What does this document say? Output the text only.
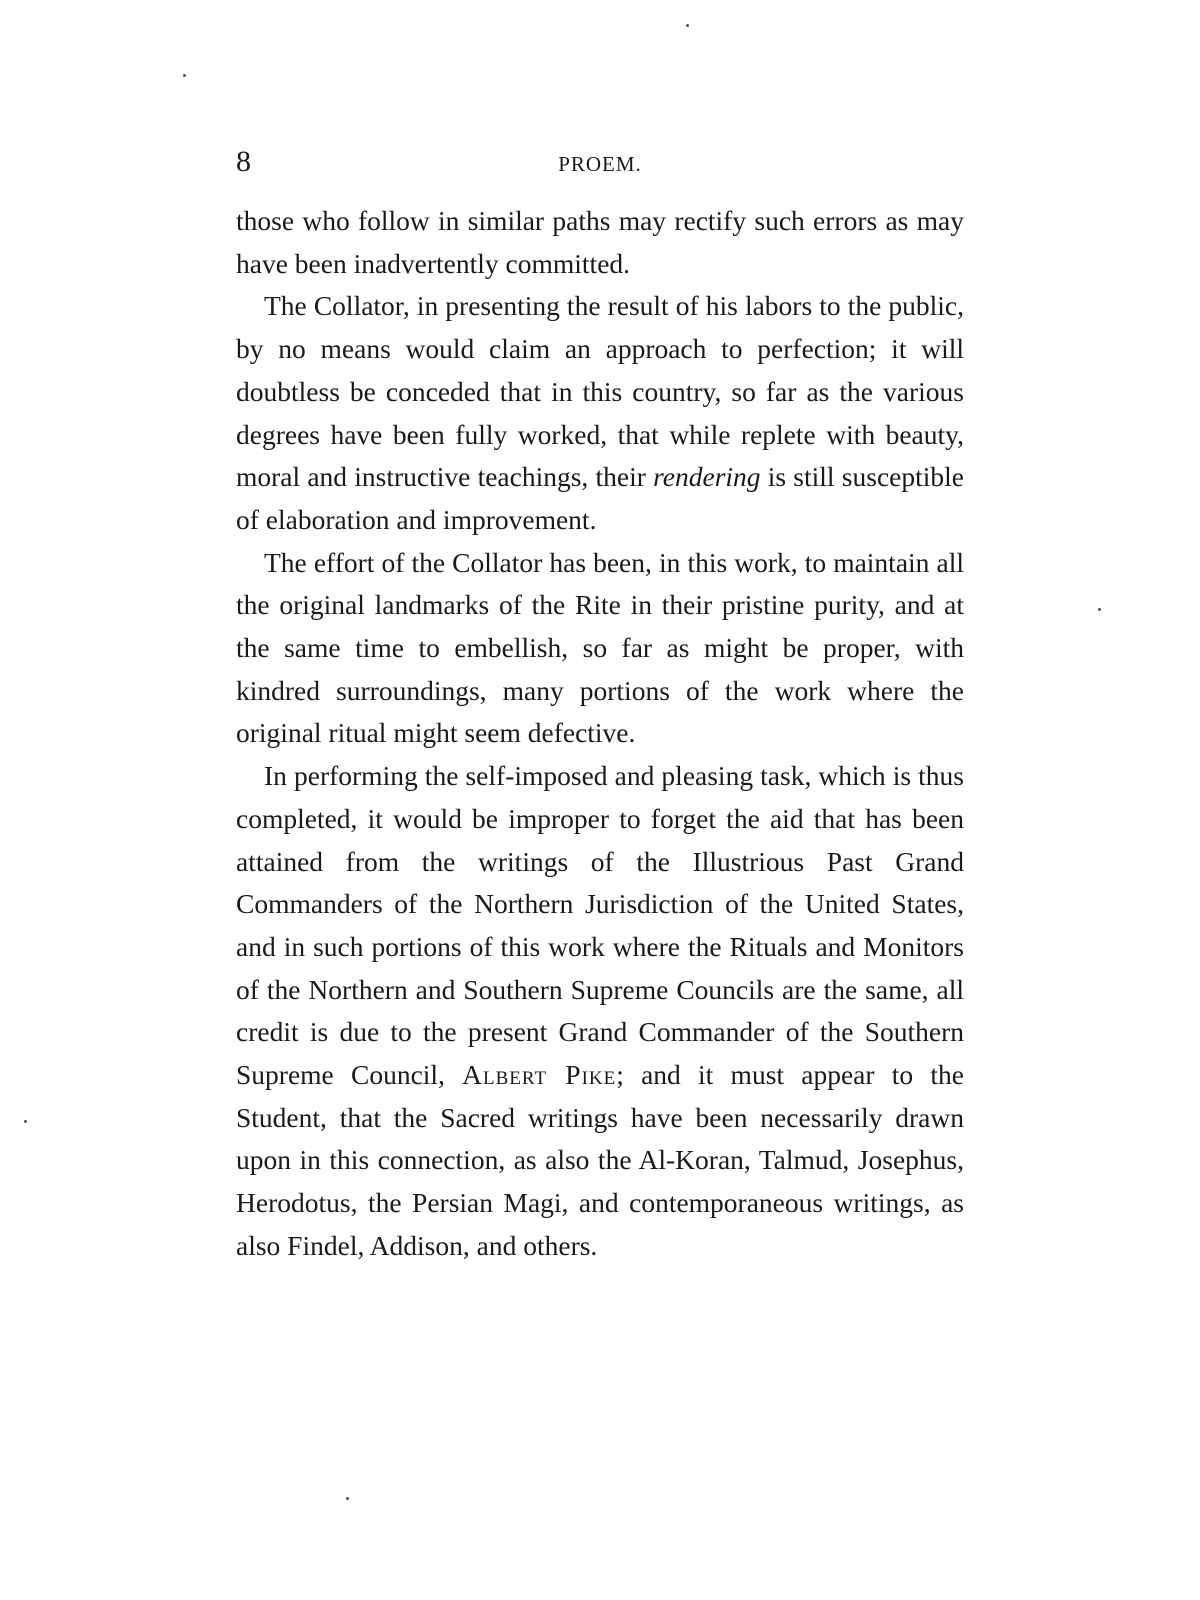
8	PROEM.

those who follow in similar paths may rectify such errors as may have been inadvertently committed.

The Collator, in presenting the result of his labors to the public, by no means would claim an approach to perfection; it will doubtless be conceded that in this country, so far as the various degrees have been fully worked, that while replete with beauty, moral and instructive teachings, their rendering is still susceptible of elaboration and improvement.

The effort of the Collator has been, in this work, to maintain all the original landmarks of the Rite in their pristine purity, and at the same time to embellish, so far as might be proper, with kindred surroundings, many portions of the work where the original ritual might seem defective.

In performing the self-imposed and pleasing task, which is thus completed, it would be improper to forget the aid that has been attained from the writings of the Illustrious Past Grand Commanders of the Northern Jurisdiction of the United States, and in such portions of this work where the Rituals and Monitors of the Northern and Southern Supreme Councils are the same, all credit is due to the present Grand Commander of the Southern Supreme Council, Albert Pike; and it must appear to the Student, that the Sacred writings have been necessarily drawn upon in this connection, as also the Al-Koran, Talmud, Josephus, Herodotus, the Persian Magi, and contemporaneous writings, as also Findel, Addison, and others.
